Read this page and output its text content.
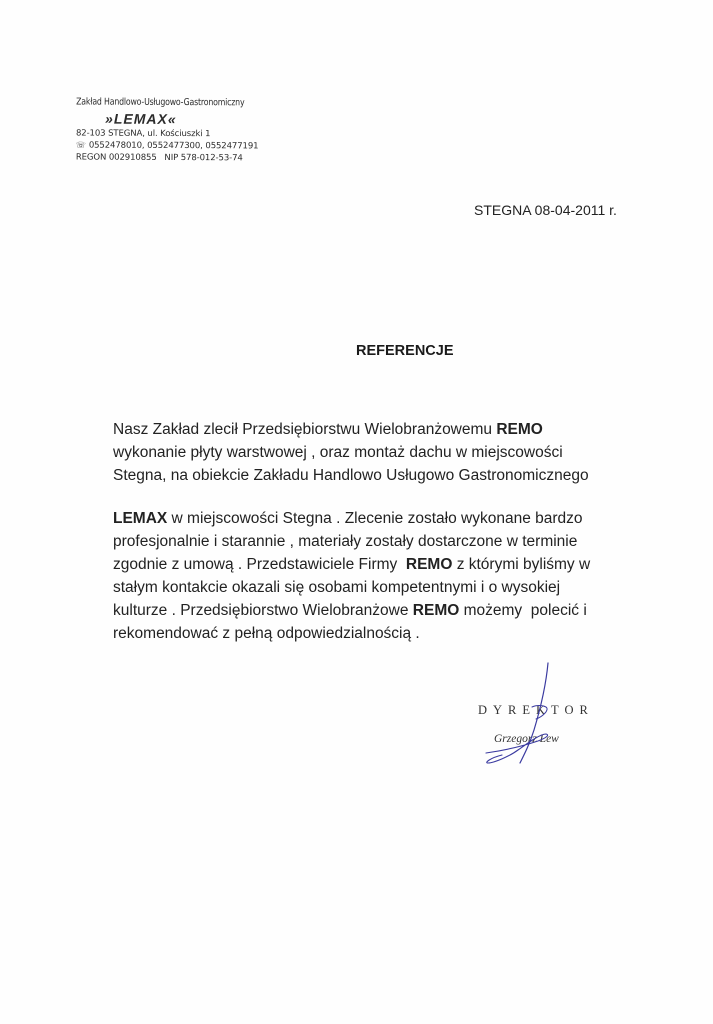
Zakład Handlowo-Usługowo-Gastronomiczny
»LEMAX«
82-103 STEGNA, ul. Kościuszki 1
☏ 0552478010, 0552477300, 0552477191
REGON 002910855   NIP 578-012-53-74
STEGNA 08-04-2011 r.
REFERENCJE
Nasz Zakład zlecił Przedsiębiorstwu Wielobranżowemu REMO
wykonanie płyty warstwowej , oraz montaż dachu w miejscowości
Stegna, na obiekcie Zakładu Handlowo Usługowo Gastronomicznego
LEMAX w miejscowości Stegna . Zlecenie zostało wykonane bardzo
profesjonalnie i starannie , materiały zostały dostarczone w terminie
zgodnie z umową . Przedstawiciele Firmy  REMO z którymi byliśmy w
stałym kontakcie okazali się osobami kompetentnymi i o wysokiej
kulturze . Przedsiębiorstwo Wielobranżowe REMO możemy  polecić i
rekomendować z pełną odpowiedzialnością .
DYREKTOR
Grzegorz Lew
